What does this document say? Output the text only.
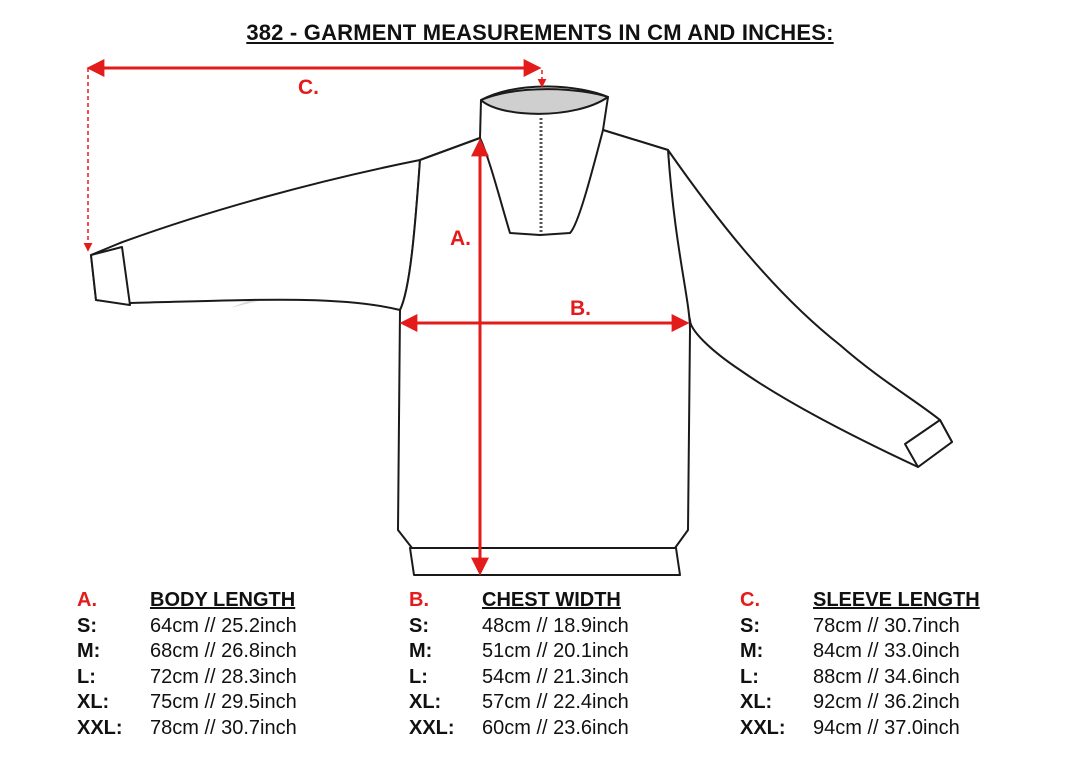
382 - GARMENT MEASUREMENTS IN CM AND INCHES:
C.
A.
B.
A.	BODY LENGTH
S:	64cm // 25.2inch
M:	68cm // 26.8inch
L:	72cm // 28.3inch
XL:	75cm // 29.5inch
XXL:	78cm // 30.7inch
B.	CHEST WIDTH
S:	48cm // 18.9inch
M:	51cm // 20.1inch
L:	54cm // 21.3inch
XL:	57cm // 22.4inch
XXL:	60cm // 23.6inch
C.	SLEEVE LENGTH
S:	78cm // 30.7inch
M:	84cm // 33.0inch
L:	88cm // 34.6inch
XL:	92cm // 36.2inch
XXL:	94cm // 37.0inch
